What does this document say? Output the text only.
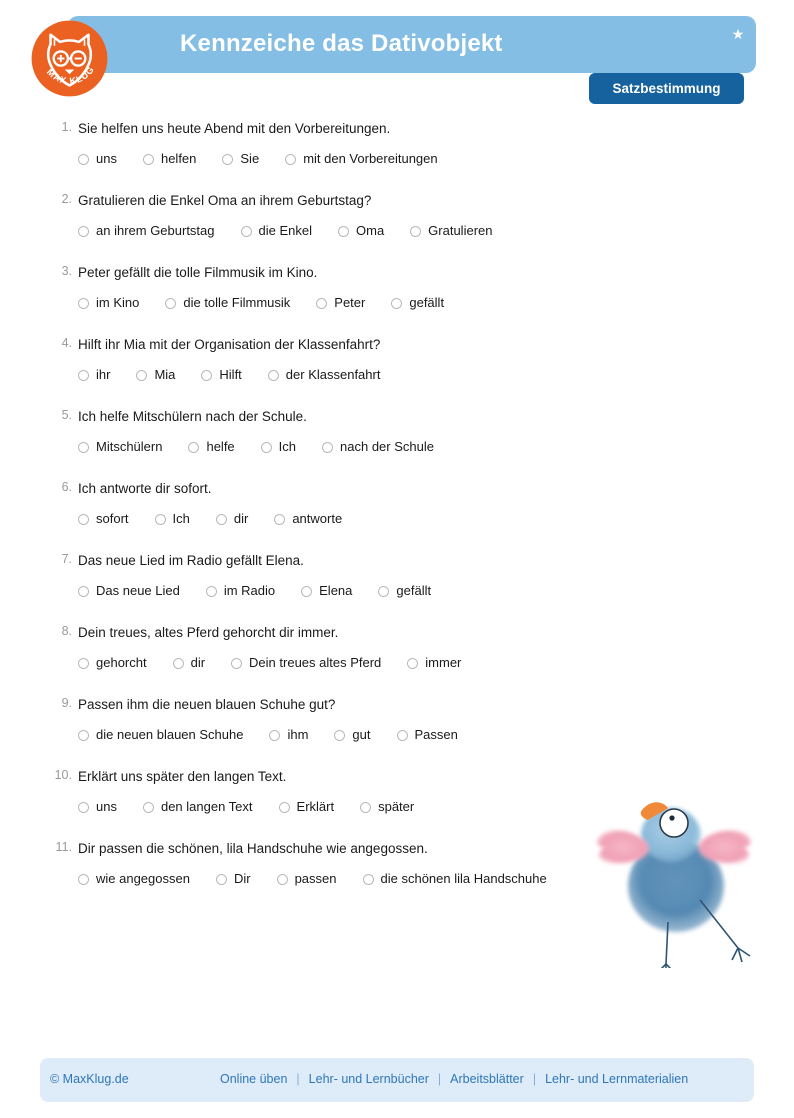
Kennzeiche das Dativobjekt	★
Satzbestimmung
MAX KLUG
1. Sie helfen uns heute Abend mit den Vorbereitungen.
uns	helfen	Sie	mit den Vorbereitungen
2. Gratulieren die Enkel Oma an ihrem Geburtstag?
an ihrem Geburtstag	die Enkel	Oma	Gratulieren
3. Peter gefällt die tolle Filmmusik im Kino.
im Kino	die tolle Filmmusik	Peter	gefällt
4. Hilft ihr Mia mit der Organisation der Klassenfahrt?
ihr	Mia	Hilft	der Klassenfahrt
5. Ich helfe Mitschülern nach der Schule.
Mitschülern	helfe	Ich	nach der Schule
6. Ich antworte dir sofort.
sofort	Ich	dir	antworte
7. Das neue Lied im Radio gefällt Elena.
Das neue Lied	im Radio	Elena	gefällt
8. Dein treues, altes Pferd gehorcht dir immer.
gehorcht	dir	Dein treues altes Pferd	immer
9. Passen ihm die neuen blauen Schuhe gut?
die neuen blauen Schuhe	ihm	gut	Passen
10. Erklärt uns später den langen Text.
uns	den langen Text	Erklärt	später
11. Dir passen die schönen, lila Handschuhe wie angegossen.
wie angegossen	Dir	passen	die schönen lila Handschuhe
© MaxKlug.de	Online üben | Lehr- und Lernbücher | Arbeitsblätter | Lehr- und Lernmaterialien
